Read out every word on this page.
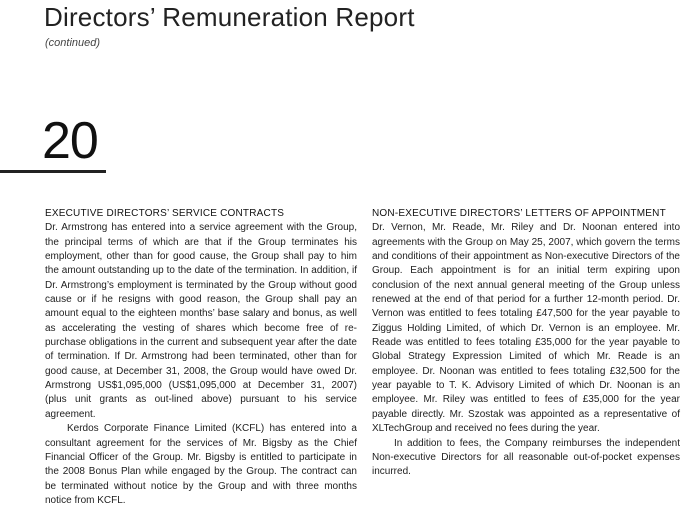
Directors’ Remuneration Report
(continued)
20
EXECUTIVE DIRECTORS’ SERVICE CONTRACTS

Dr. Armstrong has entered into a service agreement with the Group, the principal terms of which are that if the Group terminates his employment, other than for good cause, the Group shall pay to him the amount outstanding up to the date of the termination. In addition, if Dr. Armstrong’s employment is terminated by the Group without good cause or if he resigns with good reason, the Group shall pay an amount equal to the eighteen months’ base salary and bonus, as well as accelerating the vesting of shares which become free of re-purchase obligations in the current and subsequent year after the date of termination. If Dr. Armstrong had been terminated, other than for good cause, at December 31, 2008, the Group would have owed Dr. Armstrong US$1,095,000 (US$1,095,000 at December 31, 2007) (plus unit grants as out-lined above) pursuant to his service agreement.

Kerdos Corporate Finance Limited (KCFL) has entered into a consultant agreement for the services of Mr. Bigsby as the Chief Financial Officer of the Group. Mr. Bigsby is entitled to participate in the 2008 Bonus Plan while engaged by the Group. The contract can be terminated without notice by the Group and with three months notice from KCFL.

NON-EXECUTIVE DIRECTORS’ LETTERS OF APPOINTMENT

Dr. Vernon, Mr. Reade, Mr. Riley and Dr. Noonan entered into agreements with the Group on May 25, 2007, which govern the terms and conditions of their appointment as Non-executive Directors of the Group. Each appointment is for an initial term expiring upon conclusion of the next annual general meeting of the Group unless renewed at the end of that period for a further 12-month period. Dr. Vernon was entitled to fees totaling £47,500 for the year payable to Ziggus Holding Limited, of which Dr. Vernon is an employee. Mr. Reade was entitled to fees totaling £35,000 for the year payable to Global Strategy Expression Limited of which Mr. Reade is an employee. Dr. Noonan was entitled to fees totaling £32,500 for the year payable to T. K. Advisory Limited of which Dr. Noonan is an employee. Mr. Riley was entitled to fees of £35,000 for the year payable directly. Mr. Szostak was appointed as a representative of XLTechGroup and received no fees during the year.

In addition to fees, the Company reimburses the independent Non-executive Directors for all reasonable out-of-pocket expenses incurred.
